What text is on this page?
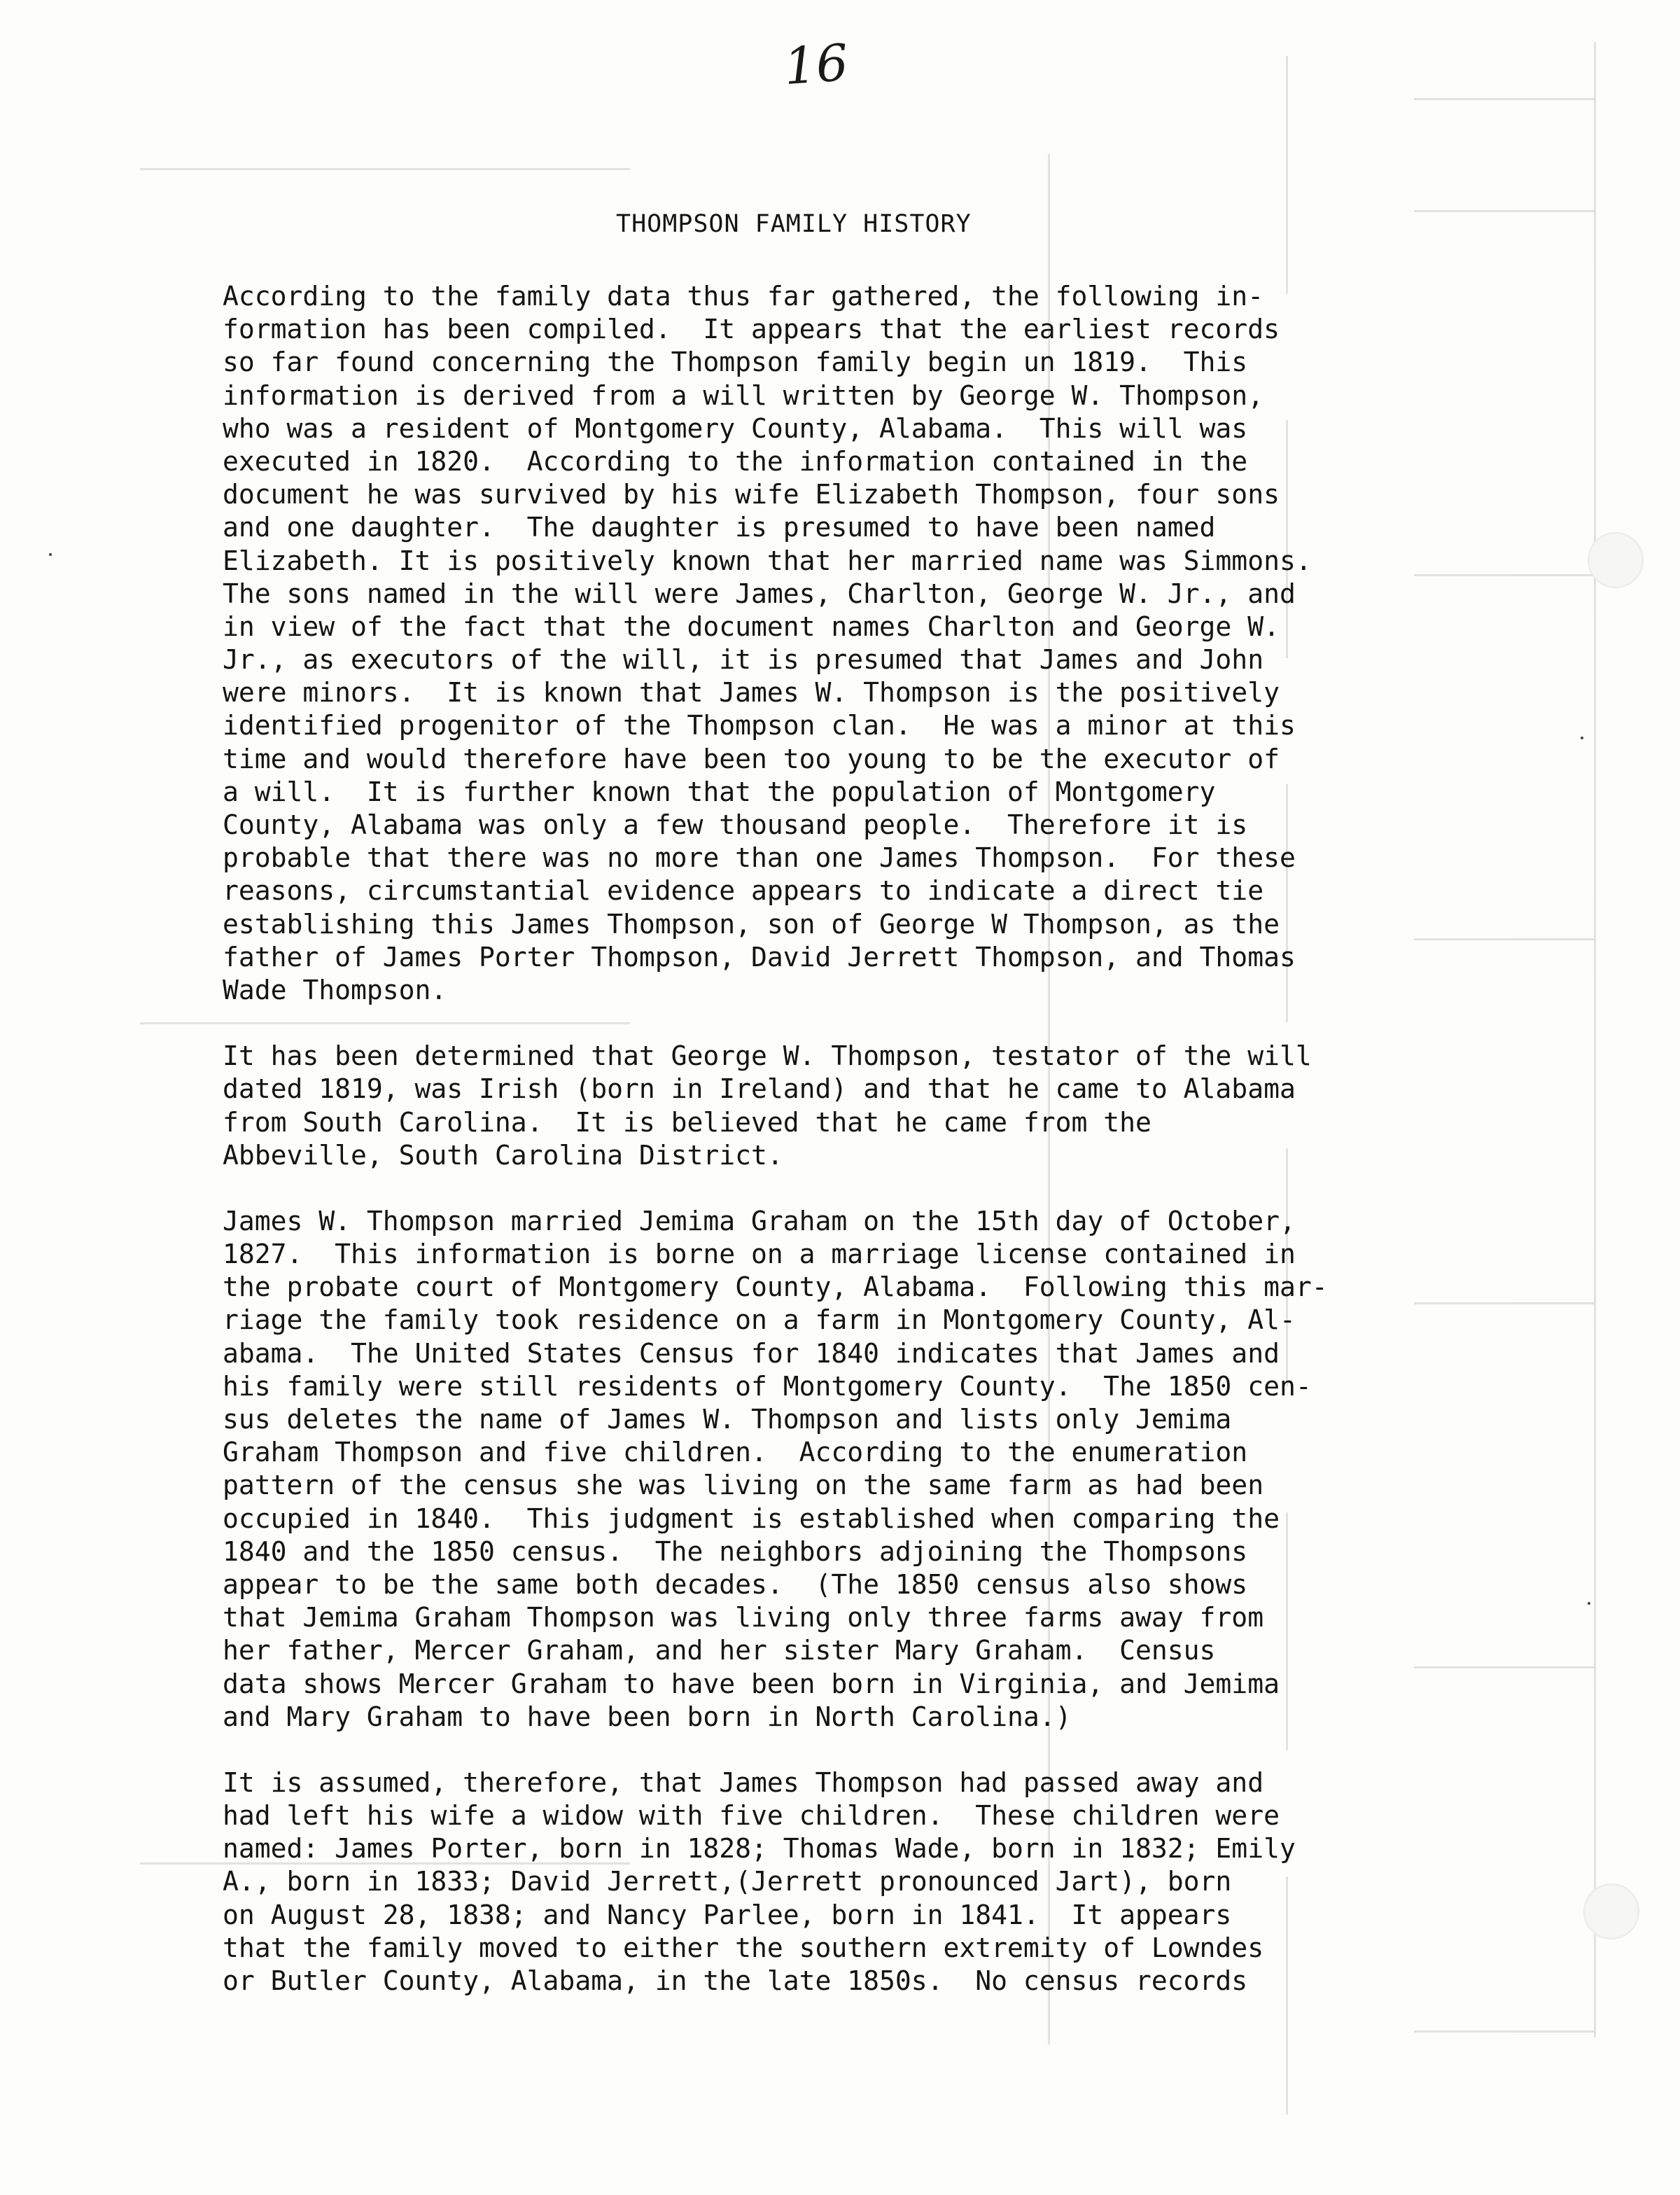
16
THOMPSON FAMILY HISTORY
According to the family data thus far gathered, the following in-
formation has been compiled.  It appears that the earliest records
so far found concerning the Thompson family begin un 1819.  This
information is derived from a will written by George W. Thompson,
who was a resident of Montgomery County, Alabama.  This will was
executed in 1820.  According to the information contained in the
document he was survived by his wife Elizabeth Thompson, four sons
and one daughter.  The daughter is presumed to have been named
Elizabeth. It is positively known that her married name was Simmons.
The sons named in the will were James, Charlton, George W. Jr., and
in view of the fact that the document names Charlton and George W.
Jr., as executors of the will, it is presumed that James and John
were minors.  It is known that James W. Thompson is the positively
identified progenitor of the Thompson clan.  He was a minor at this
time and would therefore have been too young to be the executor of
a will.  It is further known that the population of Montgomery
County, Alabama was only a few thousand people.  Therefore it is
probable that there was no more than one James Thompson.  For these
reasons, circumstantial evidence appears to indicate a direct tie
establishing this James Thompson, son of George W Thompson, as the
father of James Porter Thompson, David Jerrett Thompson, and Thomas
Wade Thompson.
It has been determined that George W. Thompson, testator of the will
dated 1819, was Irish (born in Ireland) and that he came to Alabama
from South Carolina.  It is believed that he came from the
Abbeville, South Carolina District.
James W. Thompson married Jemima Graham on the 15th day of October,
1827.  This information is borne on a marriage license contained in
the probate court of Montgomery County, Alabama.  Following this mar-
riage the family took residence on a farm in Montgomery County, Al-
abama.  The United States Census for 1840 indicates that James and
his family were still residents of Montgomery County.  The 1850 cen-
sus deletes the name of James W. Thompson and lists only Jemima
Graham Thompson and five children.  According to the enumeration
pattern of the census she was living on the same farm as had been
occupied in 1840.  This judgment is established when comparing the
1840 and the 1850 census.  The neighbors adjoining the Thompsons
appear to be the same both decades.  (The 1850 census also shows
that Jemima Graham Thompson was living only three farms away from
her father, Mercer Graham, and her sister Mary Graham.  Census
data shows Mercer Graham to have been born in Virginia, and Jemima
and Mary Graham to have been born in North Carolina.)
It is assumed, therefore, that James Thompson had passed away and
had left his wife a widow with five children.  These children were
named: James Porter, born in 1828; Thomas Wade, born in 1832; Emily
A., born in 1833; David Jerrett,(Jerrett pronounced Jart), born
on August 28, 1838; and Nancy Parlee, born in 1841.  It appears
that the family moved to either the southern extremity of Lowndes
or Butler County, Alabama, in the late 1850s.  No census records
